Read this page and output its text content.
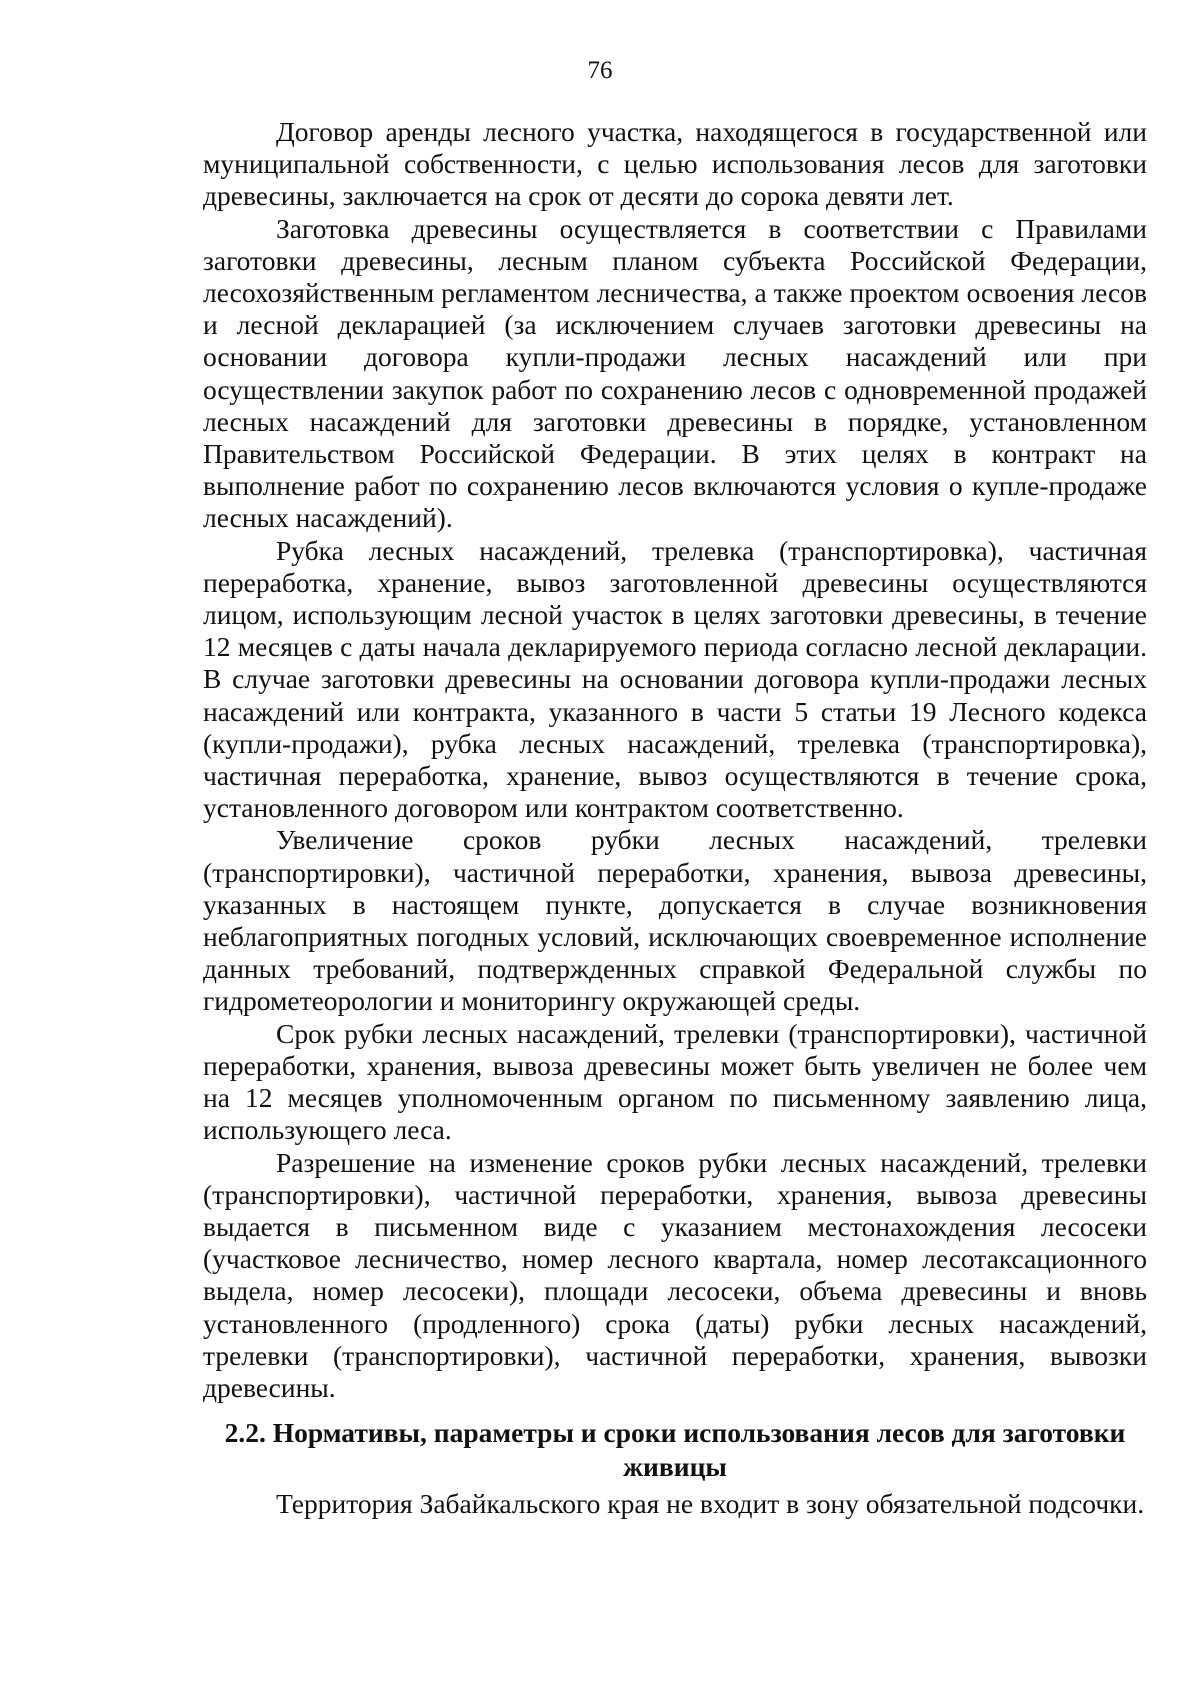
76

Договор аренды лесного участка, находящегося в государственной или муниципальной собственности, с целью использования лесов для заготовки древесины, заключается на срок от десяти до сорока девяти лет.

Заготовка древесины осуществляется в соответствии с Правилами заготовки древесины, лесным планом субъекта Российской Федерации, лесохозяйственным регламентом лесничества, а также проектом освоения лесов и лесной декларацией (за исключением случаев заготовки древесины на основании договора купли-продажи лесных насаждений или при осуществлении закупок работ по сохранению лесов с одновременной продажей лесных насаждений для заготовки древесины в порядке, установленном Правительством Российской Федерации. В этих целях в контракт на выполнение работ по сохранению лесов включаются условия о купле-продаже лесных насаждений).

Рубка лесных насаждений, трелевка (транспортировка), частичная переработка, хранение, вывоз заготовленной древесины осуществляются лицом, использующим лесной участок в целях заготовки древесины, в течение 12 месяцев с даты начала декларируемого периода согласно лесной декларации. В случае заготовки древесины на основании договора купли-продажи лесных насаждений или контракта, указанного в части 5 статьи 19 Лесного кодекса (купли-продажи), рубка лесных насаждений, трелевка (транспортировка), частичная переработка, хранение, вывоз осуществляются в течение срока, установленного договором или контрактом соответственно.

Увеличение сроков рубки лесных насаждений, трелевки (транспортировки), частичной переработки, хранения, вывоза древесины, указанных в настоящем пункте, допускается в случае возникновения неблагоприятных погодных условий, исключающих своевременное исполнение данных требований, подтвержденных справкой Федеральной службы по гидрометеорологии и мониторингу окружающей среды.

Срок рубки лесных насаждений, трелевки (транспортировки), частичной переработки, хранения, вывоза древесины может быть увеличен не более чем на 12 месяцев уполномоченным органом по письменному заявлению лица, использующего леса.

Разрешение на изменение сроков рубки лесных насаждений, трелевки (транспортировки), частичной переработки, хранения, вывоза древесины выдается в письменном виде с указанием местонахождения лесосеки (участковое лесничество, номер лесного квартала, номер лесотаксационного выдела, номер лесосеки), площади лесосеки, объема древесины и вновь установленного (продленного) срока (даты) рубки лесных насаждений, трелевки (транспортировки), частичной переработки, хранения, вывозки древесины.

2.2. Нормативы, параметры и сроки использования лесов для заготовки живицы

Территория Забайкальского края не входит в зону обязательной подсочки.
